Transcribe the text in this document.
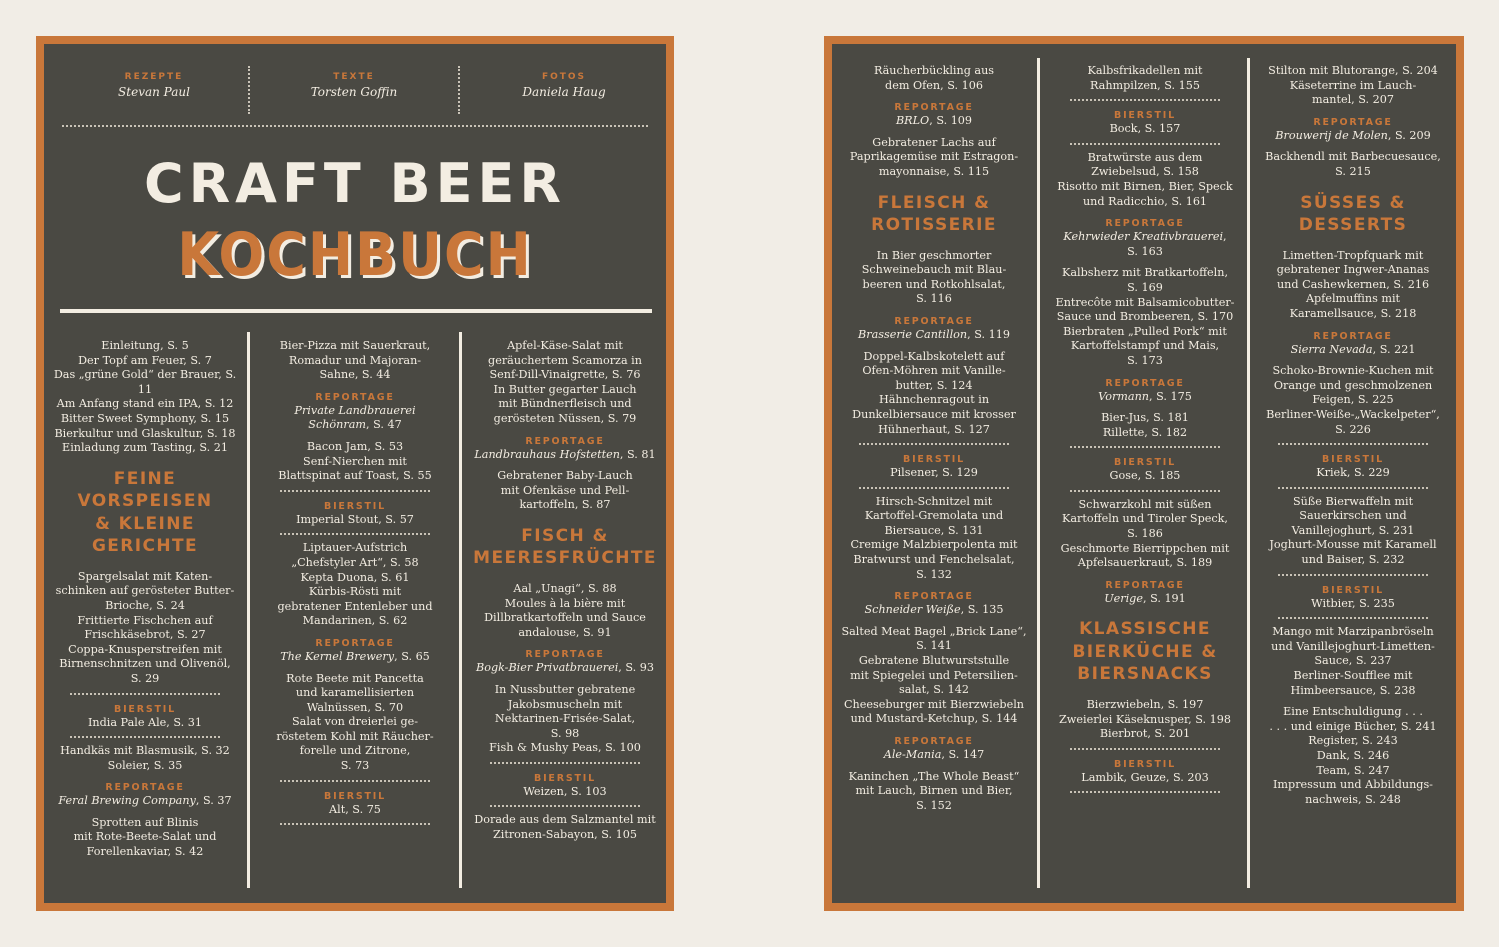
REZEPTE
Stevan Paul
TEXTE
Torsten Goffin
FOTOS
Daniela Haug
CRAFT BEER
KOCHBUCH
Einleitung, S. 5
Der Topf am Feuer, S. 7
Das „grüne Gold“ der Brauer, S. 11
Am Anfang stand ein IPA, S. 12
Bitter Sweet Symphony, S. 15
Bierkultur und Glaskultur, S. 18
Einladung zum Tasting, S. 21
FEINE
VORSPEISEN
& KLEINE
GERICHTE
Spargelsalat mit Katen-
schinken auf gerösteter Butter-
Brioche, S. 24
Frittierte Fischchen auf
Frischkäsebrot, S. 27
Coppa-Knusperstreifen mit
Birnenschnitzen und Olivenöl,
S. 29
BIERSTIL
India Pale Ale, S. 31
Handkäs mit Blasmusik, S. 32
Soleier, S. 35
REPORTAGE
Feral Brewing Company, S. 37
Sprotten auf Blinis
mit Rote-Beete-Salat und
Forellenkaviar, S. 42
Bier-Pizza mit Sauerkraut,
Romadur und Majoran-
Sahne, S. 44
REPORTAGE
Private Landbrauerei
Schönram, S. 47
Bacon Jam, S. 53
Senf-Nierchen mit
Blattspinat auf Toast, S. 55
BIERSTIL
Imperial Stout, S. 57
Liptauer-Aufstrich
„Chefstyler Art“, S. 58
Kepta Duona, S. 61
Kürbis-Rösti mit
gebratener Entenleber und
Mandarinen, S. 62
REPORTAGE
The Kernel Brewery, S. 65
Rote Beete mit Pancetta
und karamellisierten
Walnüssen, S. 70
Salat von dreierlei ge-
röstetem Kohl mit Räucher-
forelle und Zitrone,
S. 73
BIERSTIL
Alt, S. 75
Apfel-Käse-Salat mit
geräuchertem Scamorza in
Senf-Dill-Vinaigrette, S. 76
In Butter gegarter Lauch
mit Bündnerfleisch und
gerösteten Nüssen, S. 79
REPORTAGE
Landbrauhaus Hofstetten, S. 81
Gebratener Baby-Lauch
mit Ofenkäse und Pell-
kartoffeln, S. 87
FISCH &
MEERESFRÜCHTE
Aal „Unagi“, S. 88
Moules à la bière mit
Dillbratkartoffeln und Sauce
andalouse, S. 91
REPORTAGE
Bogk-Bier Privatbrauerei, S. 93
In Nussbutter gebratene
Jakobsmuscheln mit
Nektarinen-Frisée-Salat,
S. 98
Fish & Mushy Peas, S. 100
BIERSTIL
Weizen, S. 103
Dorade aus dem Salzmantel mit
Zitronen-Sabayon, S. 105
Räucherbückling aus
dem Ofen, S. 106
REPORTAGE
BRLO, S. 109
Gebratener Lachs auf
Paprikagemüse mit Estragon-
mayonnaise, S. 115
FLEISCH &
ROTISSERIE
In Bier geschmorter
Schweinebauch mit Blau-
beeren und Rotkohlsalat,
S. 116
REPORTAGE
Brasserie Cantillon, S. 119
Doppel-Kalbskotelett auf
Ofen-Möhren mit Vanille-
butter, S. 124
Hähnchenragout in
Dunkelbiersauce mit krosser
Hühnerhaut, S. 127
BIERSTIL
Pilsener, S. 129
Hirsch-Schnitzel mit
Kartoffel-Gremolata und
Biersauce, S. 131
Cremige Malzbierpolenta mit
Bratwurst und Fenchelsalat,
S. 132
REPORTAGE
Schneider Weiße, S. 135
Salted Meat Bagel „Brick Lane“,
S. 141
Gebratene Blutwurststulle
mit Spiegelei und Petersilien-
salat, S. 142
Cheeseburger mit Bierzwiebeln
und Mustard-Ketchup, S. 144
REPORTAGE
Ale-Mania, S. 147
Kaninchen „The Whole Beast“
mit Lauch, Birnen und Bier,
S. 152
Kalbsfrikadellen mit
Rahmpilzen, S. 155
BIERSTIL
Bock, S. 157
Bratwürste aus dem
Zwiebelsud, S. 158
Risotto mit Birnen, Bier, Speck
und Radicchio, S. 161
REPORTAGE
Kehrwieder Kreativbrauerei,
S. 163
Kalbsherz mit Bratkartoffeln,
S. 169
Entrecôte mit Balsamicobutter-
Sauce und Brombeeren, S. 170
Bierbraten „Pulled Pork“ mit
Kartoffelstampf und Mais,
S. 173
REPORTAGE
Vormann, S. 175
Bier-Jus, S. 181
Rillette, S. 182
BIERSTIL
Gose, S. 185
Schwarzkohl mit süßen
Kartoffeln und Tiroler Speck,
S. 186
Geschmorte Bierrippchen mit
Apfelsauerkraut, S. 189
REPORTAGE
Uerige, S. 191
KLASSISCHE
BIERKÜCHE &
BIERSNACKS
Bierzwiebeln, S. 197
Zweierlei Käseknusper, S. 198
Bierbrot, S. 201
BIERSTIL
Lambik, Geuze, S. 203
Stilton mit Blutorange, S. 204
Käseterrine im Lauch-
mantel, S. 207
REPORTAGE
Brouwerij de Molen, S. 209
Backhendl mit Barbecuesauce,
S. 215
SÜSSES &
DESSERTS
Limetten-Tropfquark mit
gebratener Ingwer-Ananas
und Cashewkernen, S. 216
Apfelmuffins mit
Karamellsauce, S. 218
REPORTAGE
Sierra Nevada, S. 221
Schoko-Brownie-Kuchen mit
Orange und geschmolzenen
Feigen, S. 225
Berliner-Weiße-„Wackelpeter“,
S. 226
BIERSTIL
Kriek, S. 229
Süße Bierwaffeln mit
Sauerkirschen und
Vanillejoghurt, S. 231
Joghurt-Mousse mit Karamell
und Baiser, S. 232
BIERSTIL
Witbier, S. 235
Mango mit Marzipanbröseln
und Vanillejoghurt-Limetten-
Sauce, S. 237
Berliner-Soufflee mit
Himbeersauce, S. 238
Eine Entschuldigung . . .
. . . und einige Bücher, S. 241
Register, S. 243
Dank, S. 246
Team, S. 247
Impressum und Abbildungs-
nachweis, S. 248
